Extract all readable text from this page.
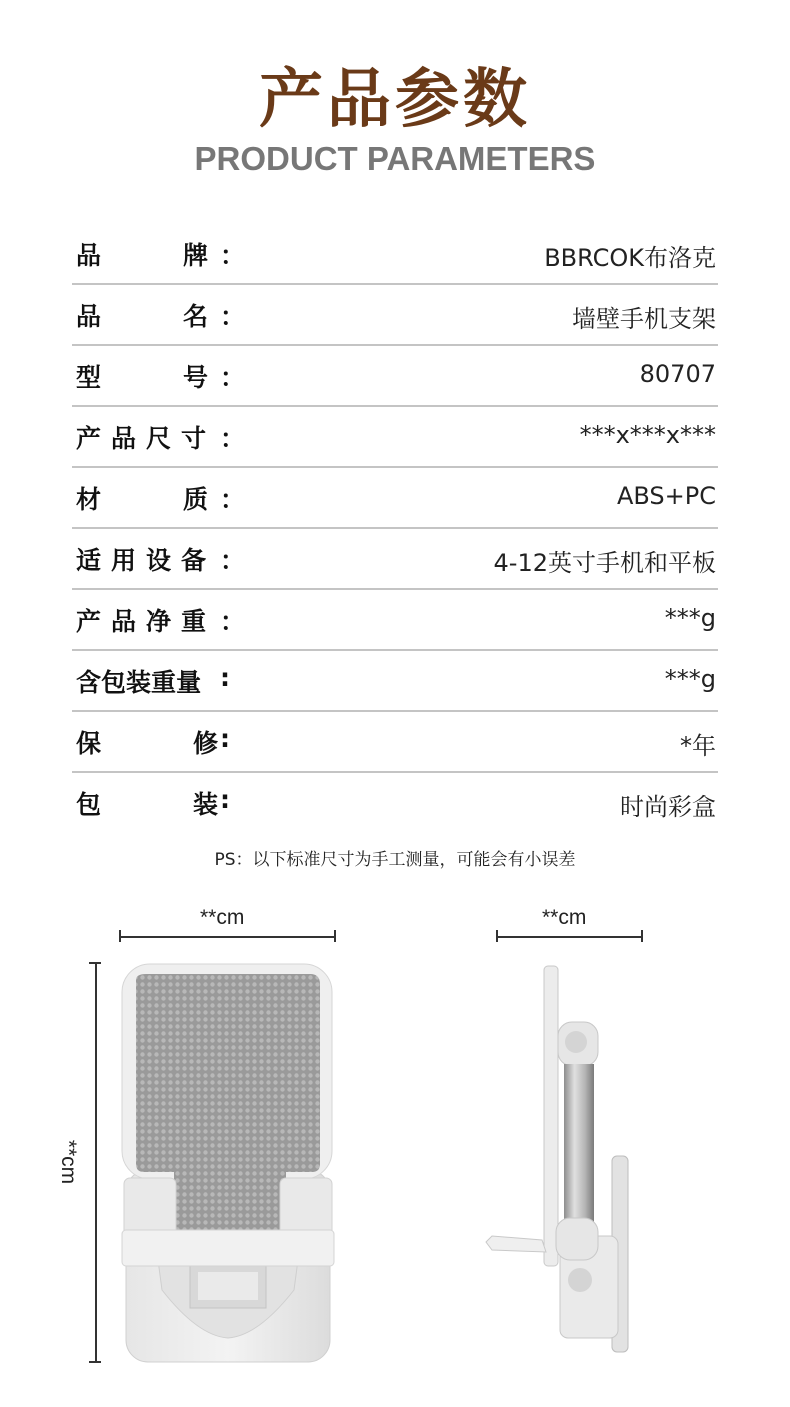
产品参数
PRODUCT PARAMETERS
品	牌 ：	BBRCOK布洛克
品	名 ：	墙壁手机支架
型	号 ：	80707
产 品 尺 寸 ：	***x***x***
材	质 ：	ABS+PC
适 用 设 备 ：	4-12英寸手机和平板
产 品 净 重 ：	***g
含 包 装 重 量 :	***g
保	修 :	*年
包	装 :	时尚彩盒
PS：以下标准尺寸为手工测量，可能会有小误差
**cm
**cm
**cm
